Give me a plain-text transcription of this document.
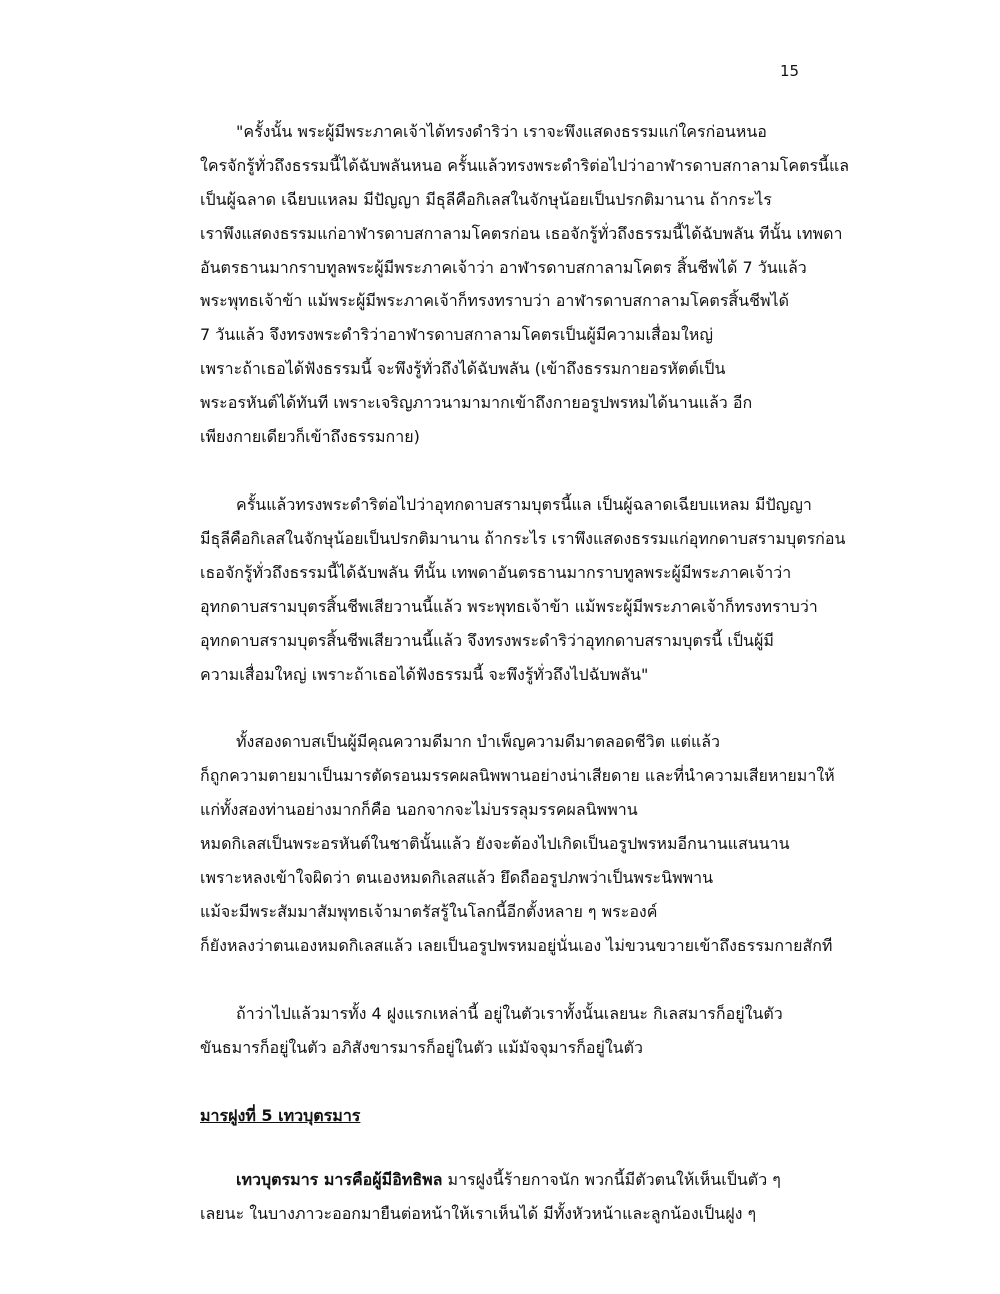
15
"ครั้งนั้น พระผู้มีพระภาคเจ้าได้ทรงดำริว่า เราจะพึงแสดงธรรมแก่ใครก่อนหนอ
ใครจักรู้ทั่วถึงธรรมนี้ได้ฉับพลันหนอ ครั้นแล้วทรงพระดำริต่อไปว่าอาฬารดาบสกาลามโคตรนี้แล
เป็นผู้ฉลาด เฉียบแหลม มีปัญญา มีธุลีคือกิเลสในจักษุน้อยเป็นปรกติมานาน ถ้ากระไร
เราพึงแสดงธรรมแก่อาฬารดาบสกาลามโคตรก่อน เธอจักรู้ทั่วถึงธรรมนี้ได้ฉับพลัน ทีนั้น เทพดา
อันตรธานมากราบทูลพระผู้มีพระภาคเจ้าว่า อาฬารดาบสกาลามโคตร สิ้นชีพได้ 7 วันแล้ว
พระพุทธเจ้าข้า แม้พระผู้มีพระภาคเจ้าก็ทรงทราบว่า อาฬารดาบสกาลามโคตรสิ้นชีพได้
7 วันแล้ว จึงทรงพระดำริว่าอาฬารดาบสกาลามโคตรเป็นผู้มีความเสื่อมใหญ่
เพราะถ้าเธอได้ฟังธรรมนี้ จะพึงรู้ทั่วถึงได้ฉับพลัน (เข้าถึงธรรมกายอรหัตต์เป็น
พระอรหันต์ได้ทันที เพราะเจริญภาวนามามากเข้าถึงกายอรูปพรหมได้นานแล้ว อีก
เพียงกายเดียวก็เข้าถึงธรรมกาย)
ครั้นแล้วทรงพระดำริต่อไปว่าอุทกดาบสรามบุตรนี้แล เป็นผู้ฉลาดเฉียบแหลม มีปัญญา
มีธุลีคือกิเลสในจักษุน้อยเป็นปรกติมานาน ถ้ากระไร เราพึงแสดงธรรมแก่อุทกดาบสรามบุตรก่อน
เธอจักรู้ทั่วถึงธรรมนี้ได้ฉับพลัน ทีนั้น เทพดาอันตรธานมากราบทูลพระผู้มีพระภาคเจ้าว่า
อุทกดาบสรามบุตรสิ้นชีพเสียวานนี้แล้ว พระพุทธเจ้าข้า แม้พระผู้มีพระภาคเจ้าก็ทรงทราบว่า
อุทกดาบสรามบุตรสิ้นชีพเสียวานนี้แล้ว จึงทรงพระดำริว่าอุทกดาบสรามบุตรนี้ เป็นผู้มี
ความเสื่อมใหญ่ เพราะถ้าเธอได้ฟังธรรมนี้ จะพึงรู้ทั่วถึงไปฉับพลัน"
ทั้งสองดาบสเป็นผู้มีคุณความดีมาก บำเพ็ญความดีมาตลอดชีวิต แต่แล้ว
ก็ถูกความตายมาเป็นมารตัดรอนมรรคผลนิพพานอย่างน่าเสียดาย และที่นำความเสียหายมาให้
แก่ทั้งสองท่านอย่างมากก็คือ นอกจากจะไม่บรรลุมรรคผลนิพพาน
หมดกิเลสเป็นพระอรหันต์ในชาตินั้นแล้ว ยังจะต้องไปเกิดเป็นอรูปพรหมอีกนานแสนนาน
เพราะหลงเข้าใจผิดว่า ตนเองหมดกิเลสแล้ว ยึดถืออรูปภพว่าเป็นพระนิพพาน
แม้จะมีพระสัมมาสัมพุทธเจ้ามาตรัสรู้ในโลกนี้อีกตั้งหลาย ๆ พระองค์
ก็ยังหลงว่าตนเองหมดกิเลสแล้ว เลยเป็นอรูปพรหมอยู่นั่นเอง ไม่ขวนขวายเข้าถึงธรรมกายสักที
ถ้าว่าไปแล้วมารทั้ง 4 ฝูงแรกเหล่านี้ อยู่ในตัวเราทั้งนั้นเลยนะ กิเลสมารก็อยู่ในตัว
ขันธมารก็อยู่ในตัว อภิสังขารมารก็อยู่ในตัว แม้มัจจุมารก็อยู่ในตัว
มารฝูงที่ 5 เทวบุตรมาร
เทวบุตรมาร มารคือผู้มีอิทธิพล มารฝูงนี้ร้ายกาจนัก พวกนี้มีตัวตนให้เห็นเป็นตัว ๆ
เลยนะ ในบางภาวะออกมายืนต่อหน้าให้เราเห็นได้ มีทั้งหัวหน้าและลูกน้องเป็นฝูง ๆ
